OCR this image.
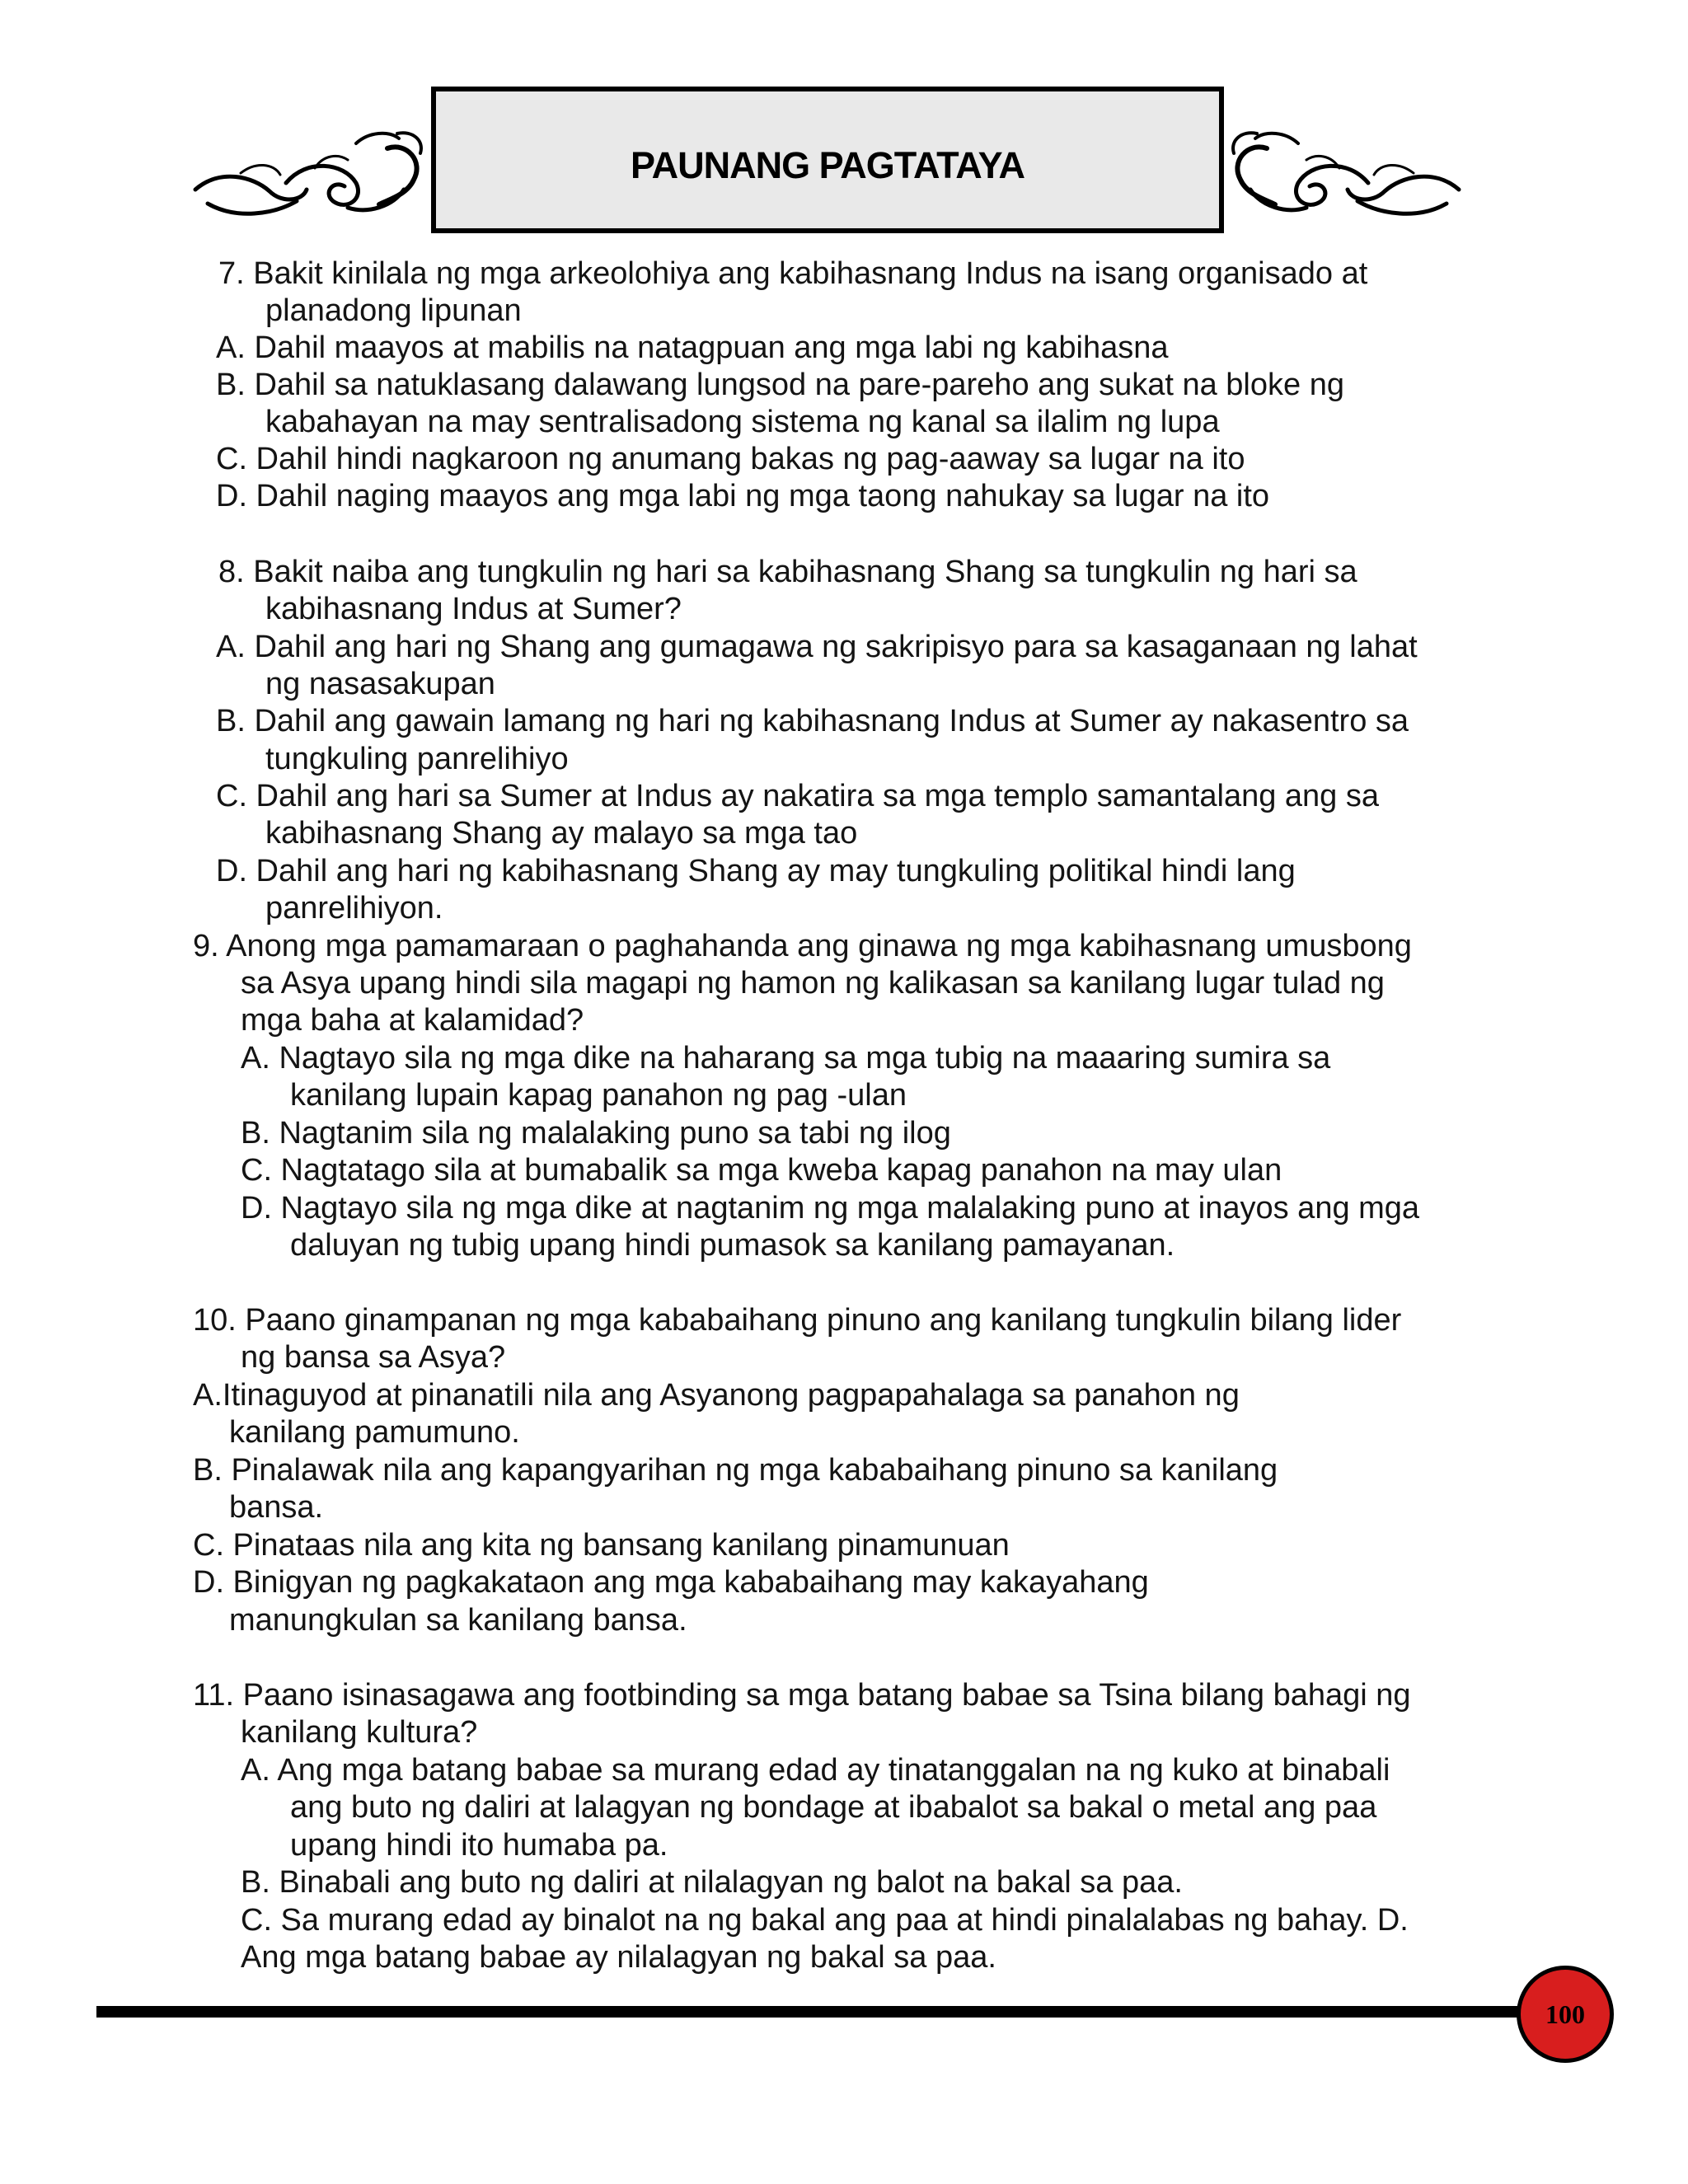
PAUNANG PAGTATAYA
7. Bakit kinilala ng mga arkeolohiya ang kabihasnang Indus na isang organisado at
planadong lipunan
A. Dahil maayos at mabilis na natagpuan ang mga labi ng kabihasna
B. Dahil sa natuklasang dalawang lungsod na pare-pareho ang sukat na bloke ng
kabahayan na may sentralisadong sistema ng kanal sa ilalim ng lupa
C. Dahil hindi nagkaroon ng anumang bakas ng pag-aaway sa lugar na ito
D. Dahil naging maayos ang mga labi ng mga taong nahukay sa lugar na ito
8. Bakit naiba ang tungkulin ng hari sa kabihasnang Shang sa tungkulin ng hari sa
kabihasnang Indus at Sumer?
A. Dahil ang hari ng Shang ang gumagawa ng sakripisyo para sa kasaganaan ng lahat
ng nasasakupan
B. Dahil ang gawain lamang ng hari ng kabihasnang Indus at Sumer ay nakasentro sa
tungkuling panrelihiyo
C. Dahil ang hari sa Sumer at Indus ay nakatira sa mga templo samantalang ang sa
kabihasnang Shang ay malayo sa mga tao
D. Dahil ang hari ng kabihasnang Shang ay may tungkuling politikal hindi lang
panrelihiyon.
9. Anong mga pamamaraan o paghahanda ang ginawa ng mga kabihasnang umusbong
sa Asya upang hindi sila magapi ng hamon ng kalikasan sa kanilang lugar tulad ng
mga baha at kalamidad?
A. Nagtayo sila ng mga dike na haharang sa mga tubig na maaaring sumira sa
kanilang lupain kapag panahon ng pag -ulan
B. Nagtanim sila ng malalaking puno sa tabi ng ilog
C. Nagtatago sila at bumabalik sa mga kweba kapag panahon na may ulan
D. Nagtayo sila ng mga dike at nagtanim ng mga malalaking puno at inayos ang mga
daluyan ng tubig upang hindi pumasok sa kanilang pamayanan.
10. Paano ginampanan ng mga kababaihang pinuno ang kanilang tungkulin bilang lider
ng bansa sa Asya?
A.Itinaguyod at pinanatili nila ang Asyanong pagpapahalaga sa panahon ng
kanilang pamumuno.
B. Pinalawak nila ang kapangyarihan ng mga kababaihang pinuno sa kanilang
bansa.
C. Pinataas nila ang kita ng bansang kanilang pinamunuan
D. Binigyan ng pagkakataon ang mga kababaihang may kakayahang
manungkulan sa kanilang bansa.
11. Paano isinasagawa ang footbinding sa mga batang babae sa Tsina bilang bahagi ng
kanilang kultura?
A. Ang mga batang babae sa murang edad ay tinatanggalan na ng kuko at binabali
ang buto ng daliri at lalagyan ng bondage at ibabalot sa bakal o metal ang paa
upang hindi ito humaba pa.
B. Binabali ang buto ng daliri at nilalagyan ng balot na bakal sa paa.
C. Sa murang edad ay binalot na ng bakal ang paa at hindi pinalalabas ng bahay. D.
Ang mga batang babae ay nilalagyan ng bakal sa paa.
100
